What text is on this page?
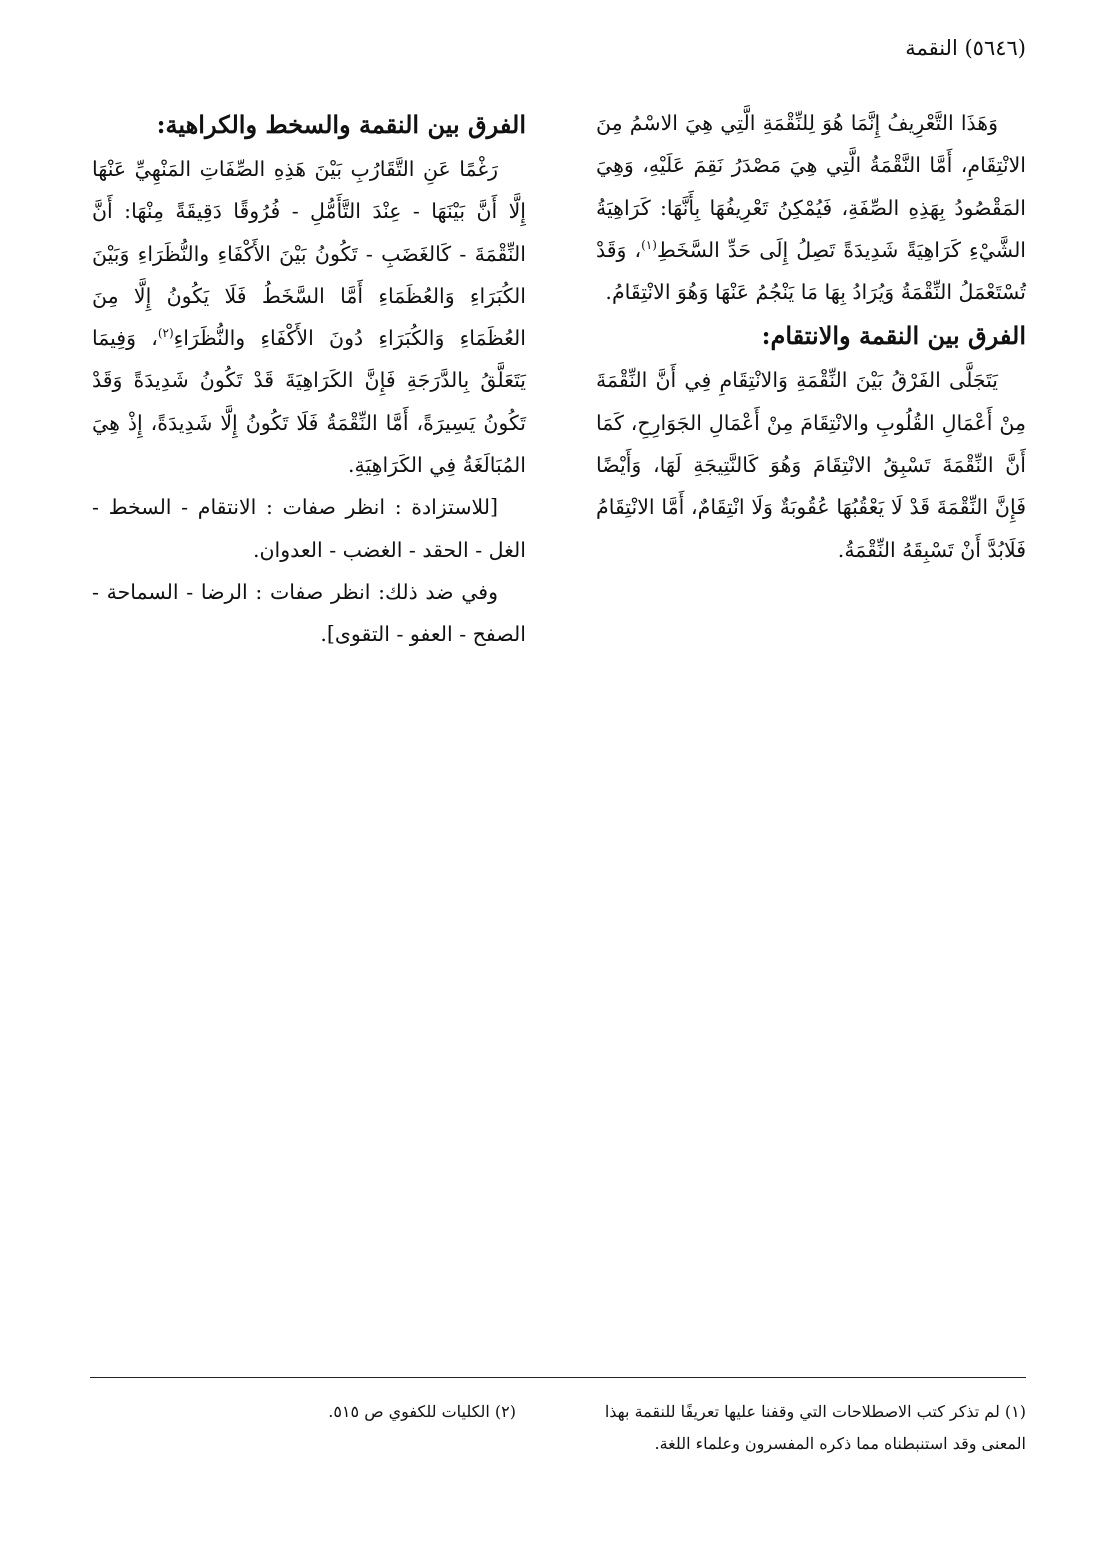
(٥٦٤٦) النقمة

وَهَذَا التَّعْرِيفُ إِنَّمَا هُوَ لِلنِّقْمَةِ الَّتِي هِيَ الاسْمُ مِنَ الانْتِقَامِ، أَمَّا النَّقْمَةُ الَّتِي هِيَ مَصْدَرُ نَقِمَ عَلَيْهِ، وَهِيَ المَقْصُودُ بِهَذِهِ الصِّفَةِ، فَيُمْكِنُ تَعْرِيفُهَا بِأَنَّهَا: كَرَاهِيَةُ الشَّيْءِ كَرَاهِيَةً شَدِيدَةً تَصِلُ إِلَى حَدِّ السَّخَطِ$^{(١)}$، وَقَدْ تُسْتَعْمَلُ النِّقْمَةُ وَيُرَادُ بِهَا مَا يَنْجُمُ عَنْهَا وَهُوَ الانْتِقَامُ.

الفرق بين النقمة والانتقام:

يَتَجَلَّى الفَرْقُ بَيْنَ النِّقْمَةِ وَالانْتِقَامِ فِي أَنَّ النِّقْمَةَ مِنْ أَعْمَالِ القُلُوبِ والانْتِقَامَ مِنْ أَعْمَالِ الجَوَارِحِ، كَمَا أَنَّ النِّقْمَةَ تَسْبِقُ الانْتِقَامَ وَهُوَ كَالنَّتِيجَةِ لَهَا، وَأَيْضًا فَإِنَّ النِّقْمَةَ قَدْ لَا يَعْقُبُهَا عُقُوبَةٌ وَلَا انْتِقَامٌ، أَمَّا الانْتِقَامُ فَلَابُدَّ أَنْ تَسْبِقَهُ النِّقْمَةُ.

الفرق بين النقمة والسخط والكراهية:

رَغْمًا عَنِ التَّقَارُبِ بَيْنَ هَذِهِ الصِّفَاتِ المَنْهِيِّ عَنْهَا إِلَّا أَنَّ بَيْنَهَا - عِنْدَ التَّأَمُّلِ - فُرُوقًا دَقِيقَةً مِنْهَا: أَنَّ النِّقْمَةَ - كَالغَضَبِ - تَكُونُ بَيْنَ الأَكْفَاءِ والنُّظَرَاءِ وَبَيْنَ الكُبَرَاءِ وَالعُظَمَاءِ أَمَّا السَّخَطُ فَلَا يَكُونُ إِلَّا مِنَ العُظَمَاءِ وَالكُبَرَاءِ دُونَ الأَكْفَاءِ والنُّظَرَاءِ$^{(٢)}$، وَفِيمَا يَتَعَلَّقُ بِالدَّرَجَةِ فَإِنَّ الكَرَاهِيَةَ قَدْ تَكُونُ شَدِيدَةً وَقَدْ تَكُونُ يَسِيرَةً، أَمَّا النِّقْمَةُ فَلَا تَكُونُ إِلَّا شَدِيدَةً، إِذْ هِيَ المُبَالَغَةُ فِي الكَرَاهِيَةِ.

[للاستزادة : انظر صفات : الانتقام - السخط - الغل - الحقد - الغضب - العدوان.

وفي ضد ذلك: انظر صفات : الرضا - السماحة - الصفح - العفو - التقوى].

(١) لم تذكر كتب الاصطلاحات التي وقفنا عليها تعريفًا للنقمة بهذا المعنى وقد استنبطناه مما ذكره المفسرون وعلماء اللغة.
(٢) الكليات للكفوي ص ٥١٥.
